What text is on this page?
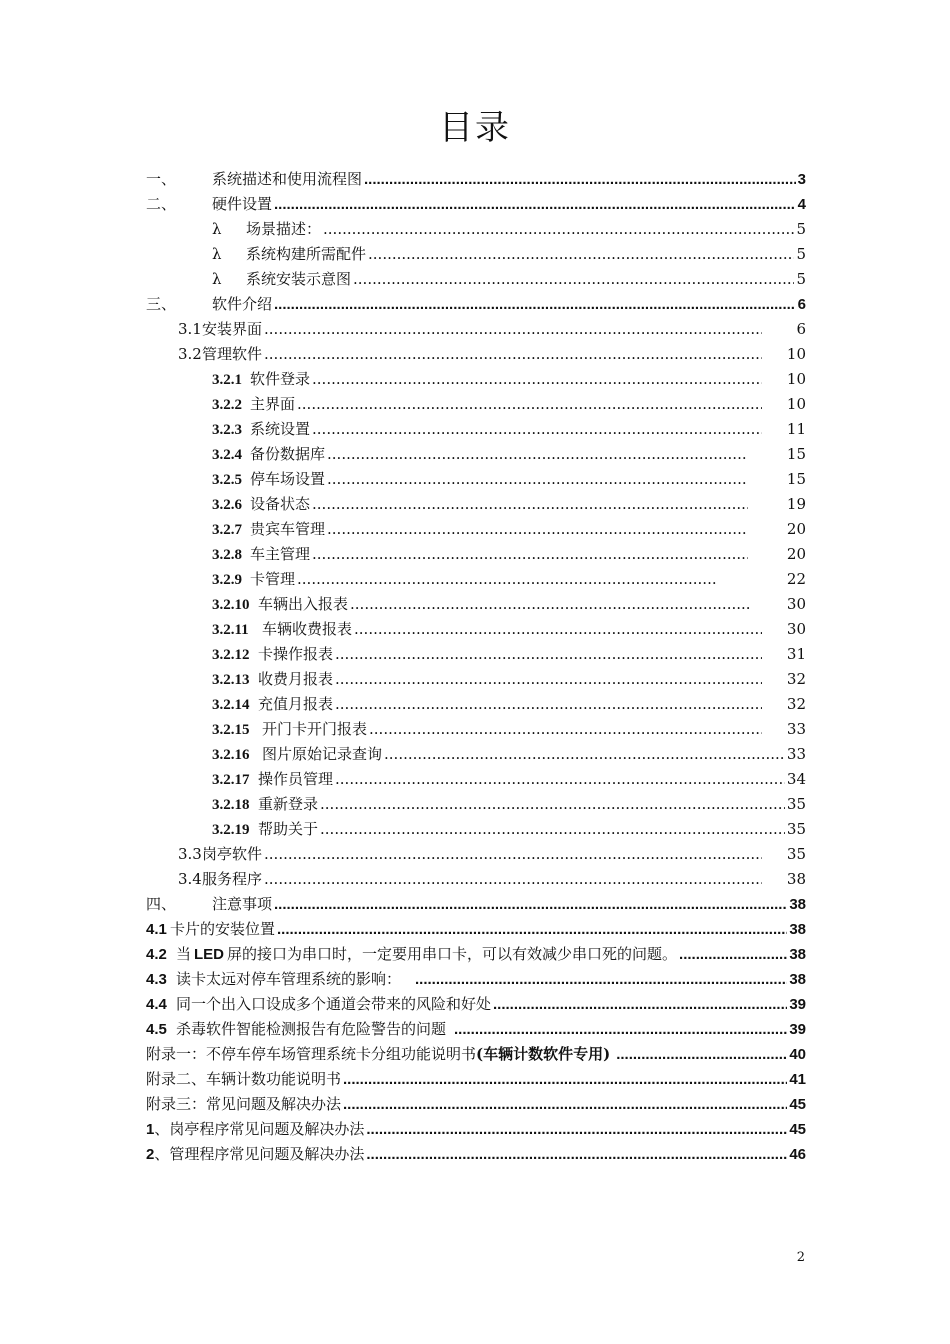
目录
一、	系统描述和使用流程图 .....	3
二、	硬件设置 .....	4
λ	场景描述： .....	5
λ	系统构建所需配件 .....	5
λ	系统安装示意图 .....	5
三、	软件介绍 .....	6
3.1 安装界面 .....	6
3.2 管理软件 .....	10
3.2.1 软件登录 .....	10
3.2.2 主界面 .....	10
3.2.3 系统设置 .....	11
3.2.4 备份数据库 .....	15
3.2.5 停车场设置 .....	15
3.2.6 设备状态 .....	19
3.2.7 贵宾车管理 .....	20
3.2.8 车主管理 .....	20
3.2.9 卡管理 .....	22
3.2.10 车辆出入报表 .....	30
3.2.11 车辆收费报表 .....	30
3.2.12 卡操作报表 .....	31
3.2.13 收费月报表 .....	32
3.2.14 充值月报表 .....	32
3.2.15 开门卡开门报表 .....	33
3.2.16 图片原始记录查询 .....	33
3.2.17 操作员管理 .....	34
3.2.18 重新登录 .....	35
3.2.19 帮助关于 .....	35
3.3 岗亭软件 .....	35
3.4 服务程序 .....	38
四、	注意事项 .....	38
4.1 卡片的安装位置 .....	38
4.2 当 LED 屏的接口为串口时，一定要用串口卡，可以有效减少串口死的问题。 .....	38
4.3 读卡太远对停车管理系统的影响： .....	38
4.4 同一个出入口设成多个通道会带来的风险和好处 .....	39
4.5 杀毒软件智能检测报告有危险警告的问题 .....	39
附录一：不停车停车场管理系统卡分组功能说明书 (车辆计数软件专用) .....	40
附录二、车辆计数功能说明书 .....	41
附录三：常见问题及解决办法 .....	45
1 、岗亭程序常见问题及解决办法 .....	45
2 、管理程序常见问题及解决办法 .....	46
2
